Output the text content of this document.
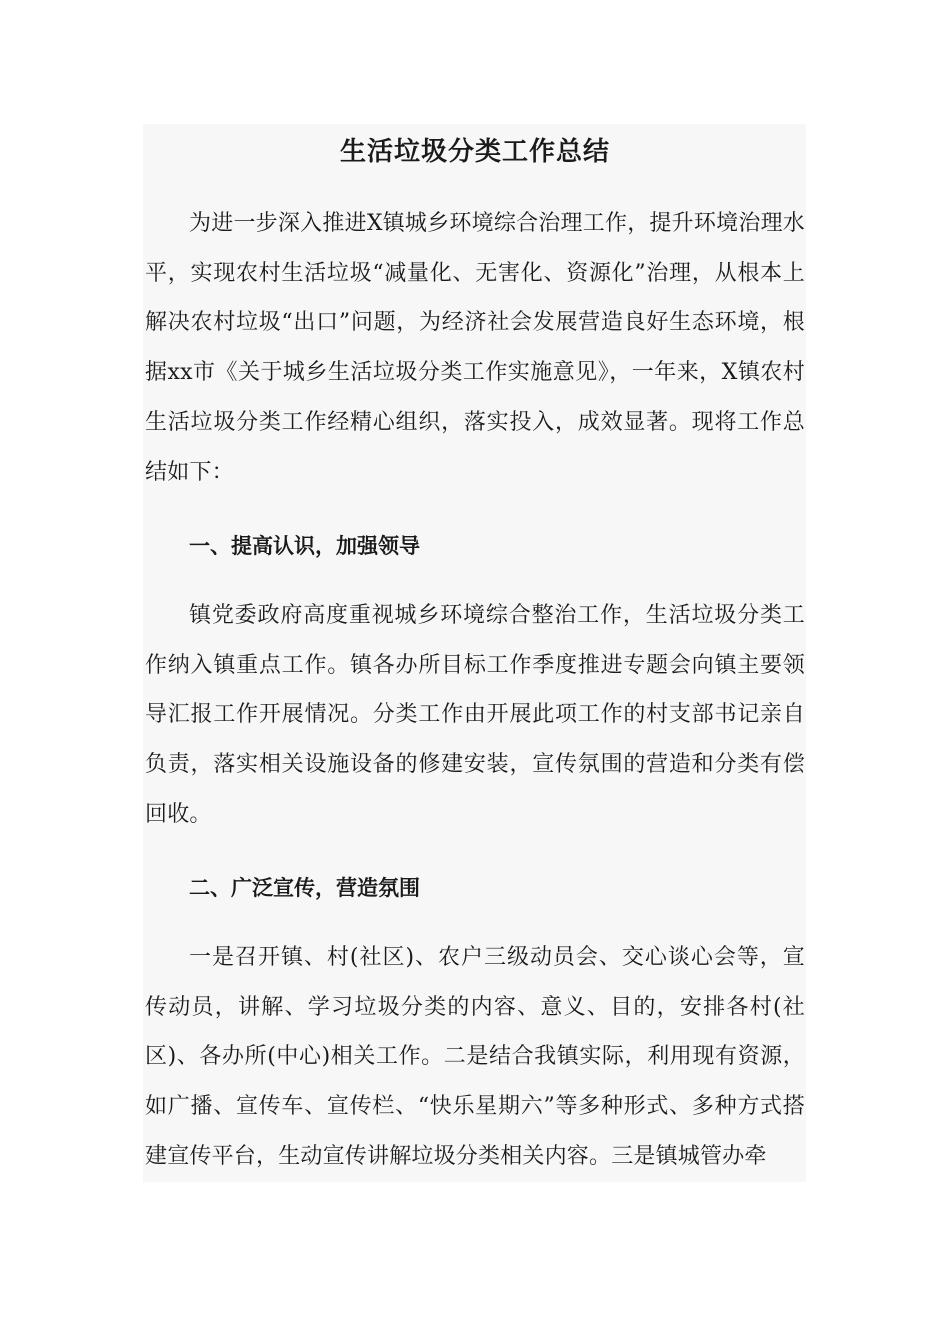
生活垃圾分类工作总结

为进一步深入推进X镇城乡环境综合治理工作，提升环境治理水平，实现农村生活垃圾“减量化、无害化、资源化”治理，从根本上解决农村垃圾“出口”问题，为经济社会发展营造良好生态环境，根据xx市《关于城乡生活垃圾分类工作实施意见》，一年来，X镇农村生活垃圾分类工作经精心组织，落实投入，成效显著。现将工作总结如下：

一、提高认识，加强领导

镇党委政府高度重视城乡环境综合整治工作，生活垃圾分类工作纳入镇重点工作。镇各办所目标工作季度推进专题会向镇主要领导汇报工作开展情况。分类工作由开展此项工作的村支部书记亲自负责，落实相关设施设备的修建安装，宣传氛围的营造和分类有偿回收。

二、广泛宣传，营造氛围

一是召开镇、村(社区)、农户三级动员会、交心谈心会等，宣传动员，讲解、学习垃圾分类的内容、意义、目的，安排各村(社区)、各办所(中心)相关工作。二是结合我镇实际，利用现有资源，如广播、宣传车、宣传栏、“快乐星期六”等多种形式、多种方式搭建宣传平台，生动宣传讲解垃圾分类相关内容。三是镇城管办牵
